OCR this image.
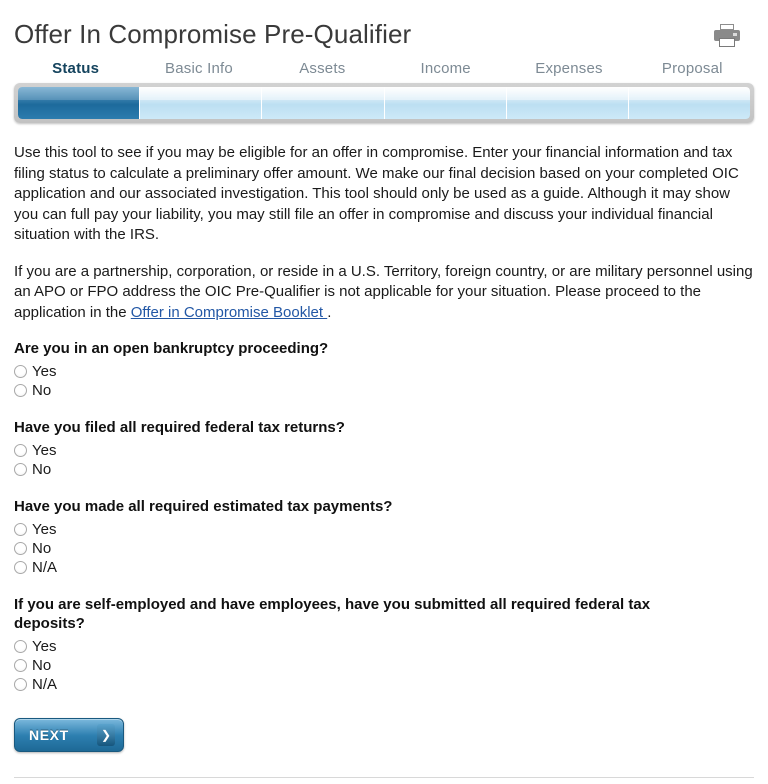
Offer In Compromise Pre-Qualifier
Status	Basic Info	Assets	Income	Expenses	Proposal

Use this tool to see if you may be eligible for an offer in compromise. Enter your financial information and tax filing status to calculate a preliminary offer amount. We make our final decision based on your completed OIC application and our associated investigation. This tool should only be used as a guide. Although it may show you can full pay your liability, you may still file an offer in compromise and discuss your individual financial situation with the IRS.

If you are a partnership, corporation, or reside in a U.S. Territory, foreign country, or are military personnel using an APO or FPO address the OIC Pre-Qualifier is not applicable for your situation. Please proceed to the application in the Offer in Compromise Booklet .

Are you in an open bankruptcy proceeding?
Yes
No
Have you filed all required federal tax returns?
Yes
No
Have you made all required estimated tax payments?
Yes
No
N/A
If you are self-employed and have employees, have you submitted all required federal tax deposits?
Yes
No
N/A
NEXT	❯
